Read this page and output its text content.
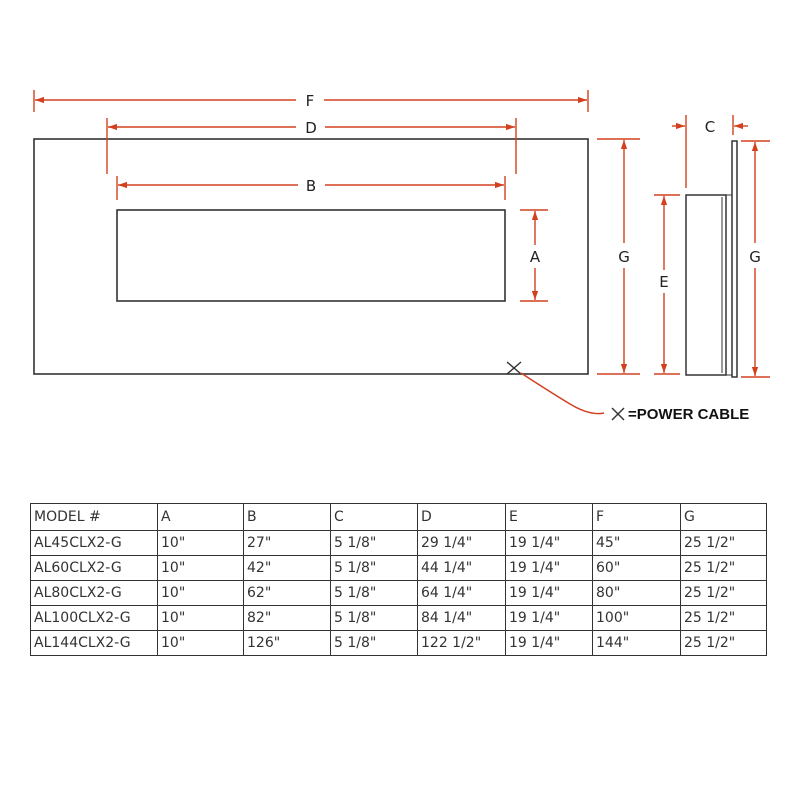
F
D
B
A	G
C
E
G
=POWER CABLE
MODEL #	A	B	C	D	E	F	G
AL45CLX2-G	10"	27"	5 1/8"	29 1/4"	19 1/4"	45"	25 1/2"
AL60CLX2-G	10"	42"	5 1/8"	44 1/4"	19 1/4"	60"	25 1/2"
AL80CLX2-G	10"	62"	5 1/8"	64 1/4"	19 1/4"	80"	25 1/2"
AL100CLX2-G	10"	82"	5 1/8"	84 1/4"	19 1/4"	100"	25 1/2"
AL144CLX2-G	10"	126"	5 1/8"	122 1/2"	19 1/4"	144"	25 1/2"
